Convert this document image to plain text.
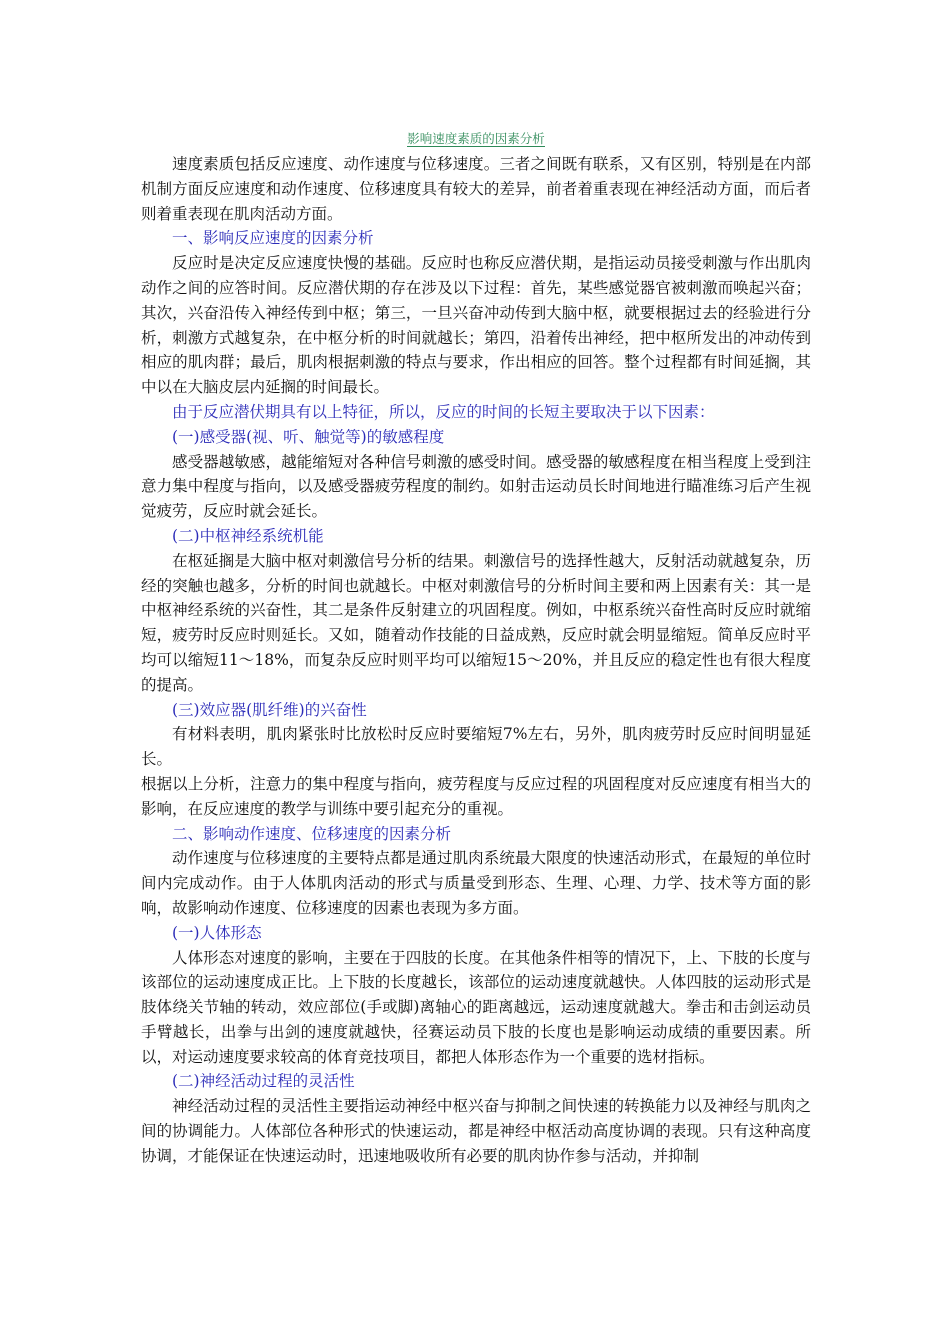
影响速度素质的因素分析

速度素质包括反应速度、动作速度与位移速度。三者之间既有联系，又有区别，特别是在内部机制方面反应速度和动作速度、位移速度具有较大的差异，前者着重表现在神经活动方面，而后者则着重表现在肌肉活动方面。

一、影响反应速度的因素分析

反应时是决定反应速度快慢的基础。反应时也称反应潜伏期，是指运动员接受刺激与作出肌肉动作之间的应答时间。反应潜伏期的存在涉及以下过程：首先，某些感觉器官被刺激而唤起兴奋；其次，兴奋沿传入神经传到中枢；第三，一旦兴奋冲动传到大脑中枢，就要根据过去的经验进行分析，刺激方式越复杂，在中枢分析的时间就越长；第四，沿着传出神经，把中枢所发出的冲动传到相应的肌肉群；最后，肌肉根据刺激的特点与要求，作出相应的回答。整个过程都有时间延搁，其中以在大脑皮层内延搁的时间最长。

由于反应潜伏期具有以上特征，所以，反应的时间的长短主要取决于以下因素：

(一)感受器(视、听、触觉等)的敏感程度

感受器越敏感，越能缩短对各种信号刺激的感受时间。感受器的敏感程度在相当程度上受到注意力集中程度与指向，以及感受器疲劳程度的制约。如射击运动员长时间地进行瞄准练习后产生视觉疲劳，反应时就会延长。

(二)中枢神经系统机能

在枢延搁是大脑中枢对刺激信号分析的结果。刺激信号的选择性越大，反射活动就越复杂，历经的突触也越多，分析的时间也就越长。中枢对刺激信号的分析时间主要和两上因素有关：其一是中枢神经系统的兴奋性，其二是条件反射建立的巩固程度。例如，中枢系统兴奋性高时反应时就缩短，疲劳时反应时则延长。又如，随着动作技能的日益成熟，反应时就会明显缩短。简单反应时平均可以缩短11～18%，而复杂反应时则平均可以缩短15～20%，并且反应的稳定性也有很大程度的提高。

(三)效应器(肌纤维)的兴奋性

有材料表明，肌肉紧张时比放松时反应时要缩短7%左右，另外，肌肉疲劳时反应时间明显延长。

根据以上分析，注意力的集中程度与指向，疲劳程度与反应过程的巩固程度对反应速度有相当大的影响，在反应速度的教学与训练中要引起充分的重视。

二、影响动作速度、位移速度的因素分析

动作速度与位移速度的主要特点都是通过肌肉系统最大限度的快速活动形式，在最短的单位时间内完成动作。由于人体肌肉活动的形式与质量受到形态、生理、心理、力学、技术等方面的影响，故影响动作速度、位移速度的因素也表现为多方面。

(一)人体形态

人体形态对速度的影响，主要在于四肢的长度。在其他条件相等的情况下，上、下肢的长度与该部位的运动速度成正比。上下肢的长度越长，该部位的运动速度就越快。人体四肢的运动形式是肢体绕关节轴的转动，效应部位(手或脚)离轴心的距离越远，运动速度就越大。拳击和击剑运动员手臂越长，出拳与出剑的速度就越快，径赛运动员下肢的长度也是影响运动成绩的重要因素。所以，对运动速度要求较高的体育竞技项目，都把人体形态作为一个重要的选材指标。

(二)神经活动过程的灵活性

神经活动过程的灵活性主要指运动神经中枢兴奋与抑制之间快速的转换能力以及神经与肌肉之间的协调能力。人体部位各种形式的快速运动，都是神经中枢活动高度协调的表现。只有这种高度协调，才能保证在快速运动时，迅速地吸收所有必要的肌肉协作参与活动，并抑制
